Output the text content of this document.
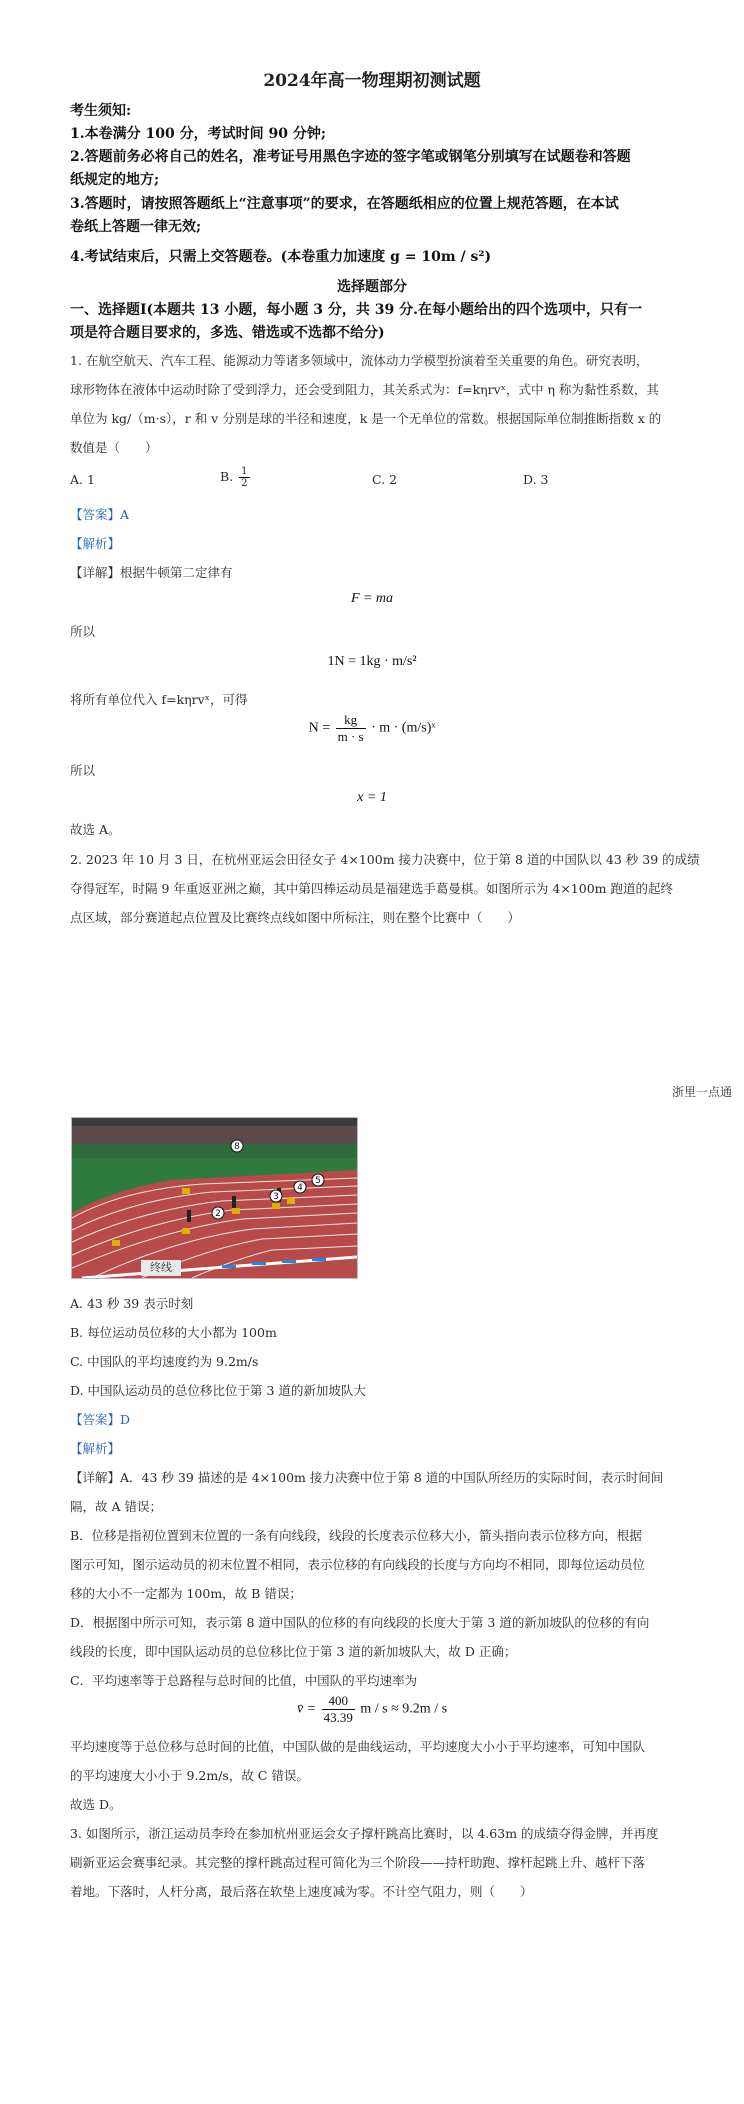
2024年高一物理期初测试题
考生须知:
1.本卷满分 100 分，考试时间 90 分钟;
2.答题前务必将自己的姓名，准考证号用黑色字迹的签字笔或钢笔分别填写在试题卷和答题
纸规定的地方;
3.答题时，请按照答题纸上“注意事项”的要求，在答题纸相应的位置上规范答题，在本试
卷纸上答题一律无效;
4.考试结束后，只需上交答题卷。(本卷重力加速度 g = 10m / s²)
选择题部分
一、选择题Ⅰ(本题共 13 小题，每小题 3 分，共 39 分.在每小题给出的四个选项中，只有一
项是符合题目要求的，多选、错选或不选都不给分)
1. 在航空航天、汽车工程、能源动力等诸多领域中，流体动力学模型扮演着至关重要的角色。研究表明，
球形物体在液体中运动时除了受到浮力，还会受到阻力，其关系式为：f=kηrvˣ，式中 η 称为黏性系数，其
单位为 kg/（m·s），r 和 v 分别是球的半径和速度，k 是一个无单位的常数。根据国际单位制推断指数 x 的
数值是（　　）
A. 1	B. $\frac{1}{2}$	C. 2	D. 3
【答案】A
【解析】
【详解】根据牛顿第二定律有
F = ma
所以
1N = 1kg · m/s²
将所有单位代入 f=kηrvˣ，可得
$N = \frac{kg}{m \cdot s} \cdot m$ · (m/s)ˣ
所以
x = 1
故选 A。
2. 2023 年 10 月 3 日，在杭州亚运会田径女子 4×100m 接力决赛中，位于第 8 道的中国队以 43 秒 39 的成绩
夺得冠军，时隔 9 年重返亚洲之巅，其中第四棒运动员是福建选手葛曼棋。如图所示为 4×100m 跑道的起终
点区域，部分赛道起点位置及比赛终点线如图中所标注，则在整个比赛中（　　）
浙里一点通
8
5
4
3
2
终线
A. 43 秒 39 表示时刻
B. 每位运动员位移的大小都为 100m
C. 中国队的平均速度约为 9.2m/s
D. 中国队运动员的总位移比位于第 3 道的新加坡队大
【答案】D
【解析】
【详解】A．43 秒 39 描述的是 4×100m 接力决赛中位于第 8 道的中国队所经历的实际时间，表示时间间
隔，故 A 错误；
B．位移是指初位置到末位置的一条有向线段，线段的长度表示位移大小，箭头指向表示位移方向，根据
图示可知，图示运动员的初末位置不相同，表示位移的有向线段的长度与方向均不相同，即每位运动员位
移的大小不一定都为 100m，故 B 错误；
D．根据图中所示可知，表示第 8 道中国队的位移的有向线段的长度大于第 3 道的新加坡队的位移的有向
线段的长度，即中国队运动员的总位移比位于第 3 道的新加坡队大，故 D 正确；
C．平均速率等于总路程与总时间的比值，中国队的平均速率为
v̄ = $\frac{400}{43.39}$ m / s ≈ 9.2m / s
平均速度等于总位移与总时间的比值，中国队做的是曲线运动，平均速度大小小于平均速率，可知中国队
的平均速度大小小于 9.2m/s，故 C 错误。
故选 D。
3. 如图所示，浙江运动员李玲在参加杭州亚运会女子撑杆跳高比赛时，以 4.63m 的成绩夺得金牌，并再度
刷新亚运会赛事纪录。其完整的撑杆跳高过程可简化为三个阶段——持杆助跑、撑杆起跳上升、越杆下落
着地。下落时，人杆分离，最后落在软垫上速度减为零。不计空气阻力，则（　　）
